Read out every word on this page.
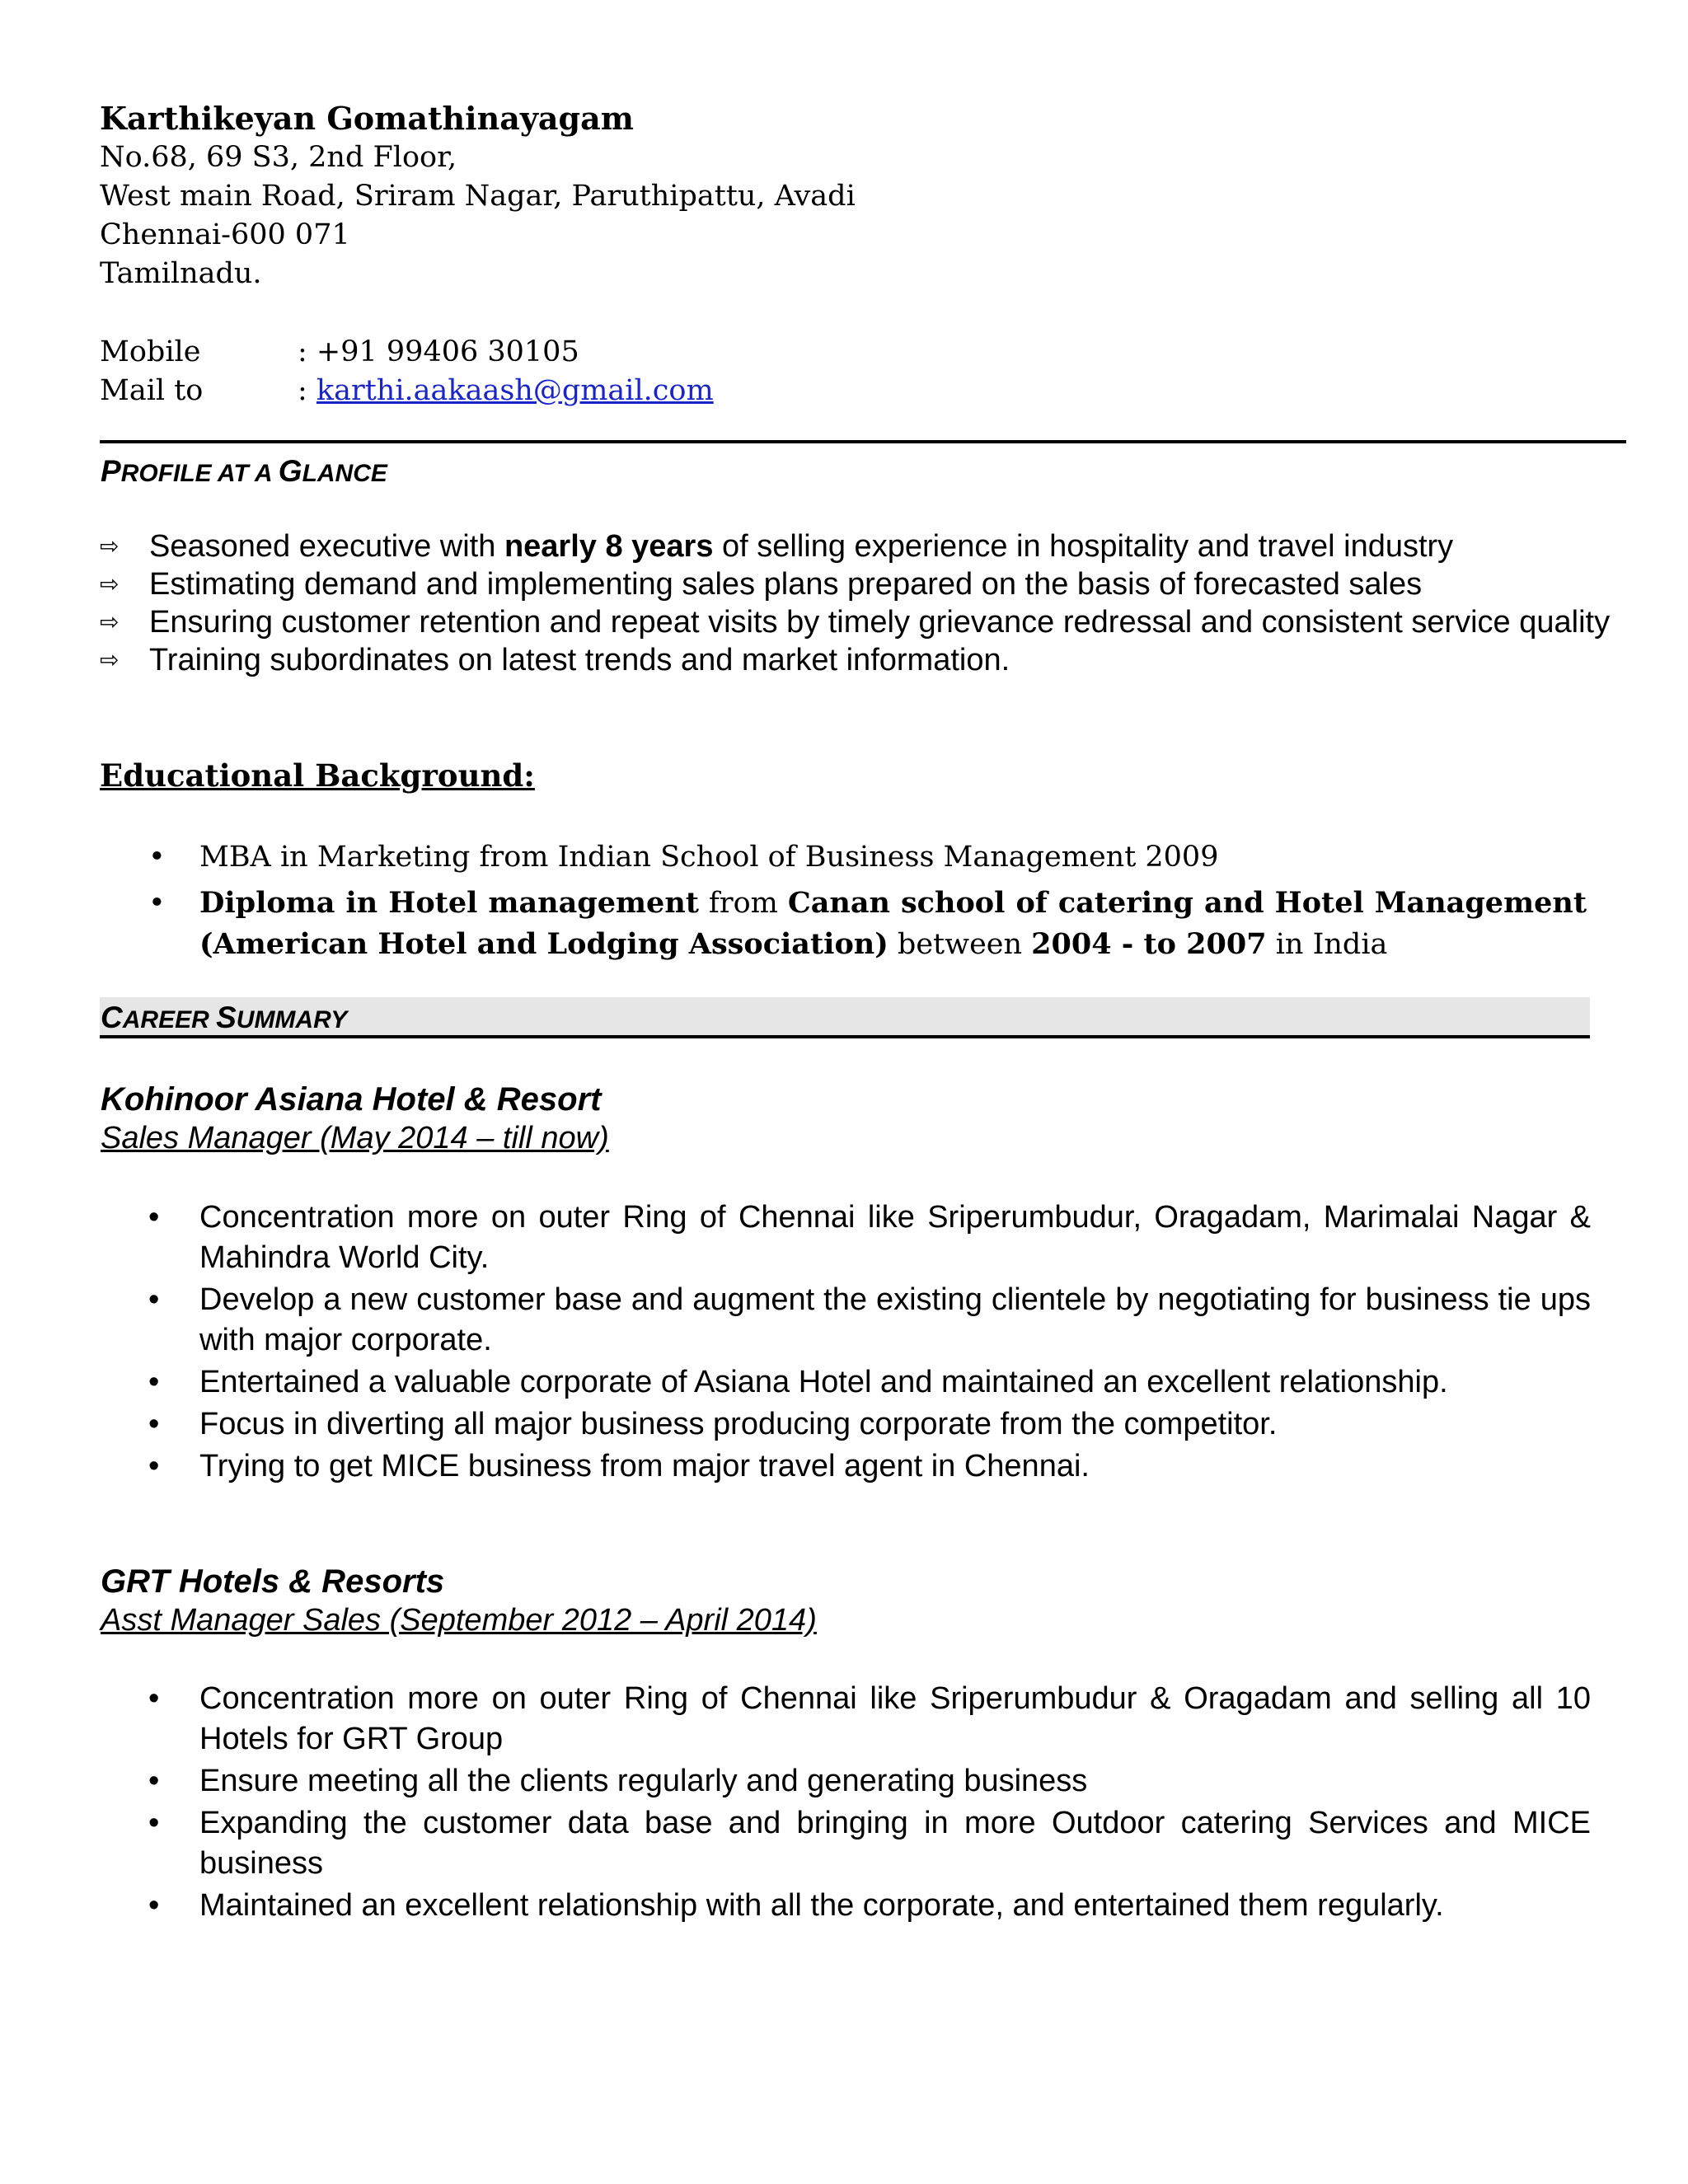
Karthikeyan Gomathinayagam
No.68, 69 S3, 2nd Floor,
West main Road, Sriram Nagar, Paruthipattu, Avadi
Chennai-600 071
Tamilnadu.
Mobile	: +91 99406 30105
Mail to	: karthi.aakaash@gmail.com
PROFILE AT A GLANCE
⇨ Seasoned executive with nearly 8 years of selling experience in hospitality and travel industry
⇨ Estimating demand and implementing sales plans prepared on the basis of forecasted sales
⇨ Ensuring customer retention and repeat visits by timely grievance redressal and consistent service quality
⇨ Training subordinates on latest trends and market information.
Educational Background:
• MBA in Marketing from Indian School of Business Management 2009
• Diploma in Hotel management from Canan school of catering and Hotel Management (American Hotel and Lodging Association) between 2004 - to 2007 in India
CAREER SUMMARY
Kohinoor Asiana Hotel & Resort
Sales Manager (May 2014 – till now)
• Concentration more on outer Ring of Chennai like Sriperumbudur, Oragadam, Marimalai Nagar & Mahindra World City.
• Develop a new customer base and augment the existing clientele by negotiating for business tie ups with major corporate.
• Entertained a valuable corporate of Asiana Hotel and maintained an excellent relationship.
• Focus in diverting all major business producing corporate from the competitor.
• Trying to get MICE business from major travel agent in Chennai.
GRT Hotels & Resorts
Asst Manager Sales (September 2012 – April 2014)
• Concentration more on outer Ring of Chennai like Sriperumbudur & Oragadam and selling all 10 Hotels for GRT Group
• Ensure meeting all the clients regularly and generating business
• Expanding the customer data base and bringing in more Outdoor catering Services and MICE business
• Maintained an excellent relationship with all the corporate, and entertained them regularly.
